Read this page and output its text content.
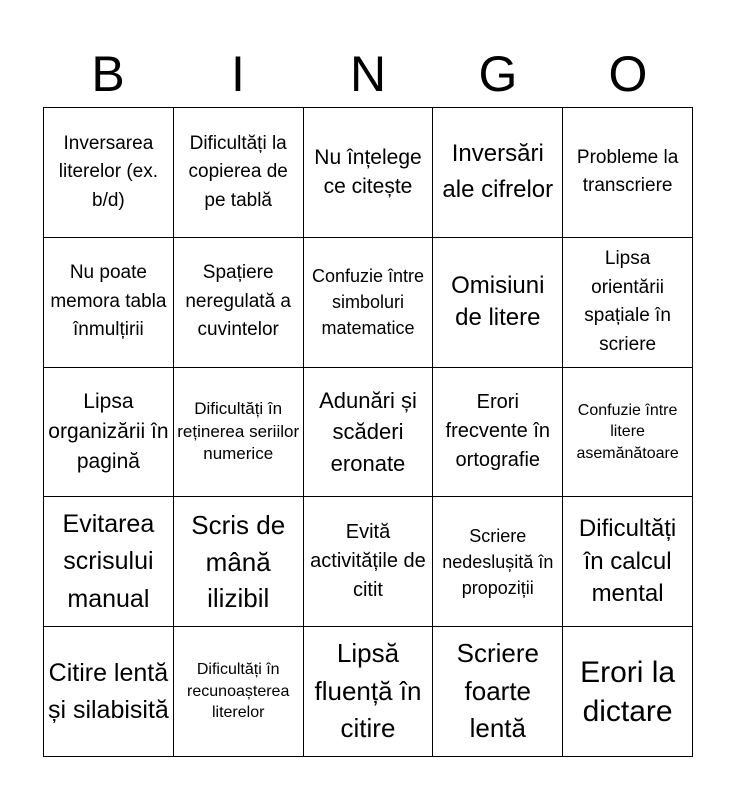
B	I	N	G	O
Inversarea literelor (ex. b/d)
Dificultăți la copierea de pe tablă
Nu înțelege ce citește
Inversări ale cifrelor
Probleme la transcriere
Nu poate memora tabla înmulțirii
Spațiere neregulată a cuvintelor
Confuzie între simboluri matematice
Omisiuni de litere
Lipsa orientării spațiale în scriere
Lipsa organizării în pagină
Dificultăți în reținerea seriilor numerice
Adunări și scăderi eronate
Erori frecvente în ortografie
Confuzie între litere asemănătoare
Evitarea scrisului manual
Scris de mână ilizibil
Evită activitățile de citit
Scriere nedeslușită în propoziții
Dificultăți în calcul mental
Citire lentă și silabisită
Dificultăți în recunoașterea literelor
Lipsă fluență în citire
Scriere foarte lentă
Erori la dictare
